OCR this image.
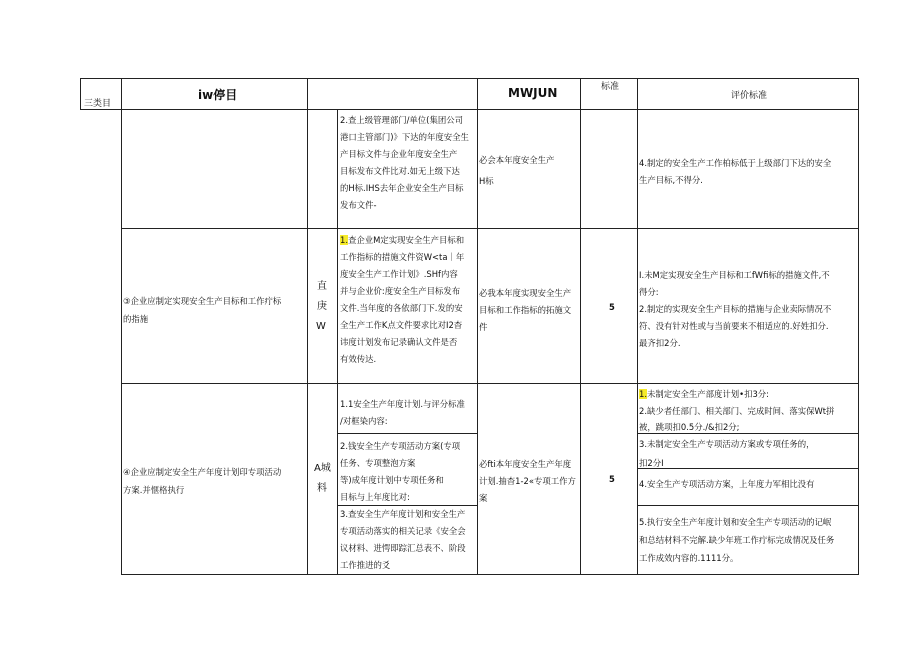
三类目
iw停目	MWJUN	标准
评价标准
2.查上级管理部门/单位(集团公司
港口主管部门)》下达的年度安全生
产目标文件与企业年度安全生产
目标发布文件比对.如无上级下达
的H标.IHS去年企业安全生产目标
发布文件-
必会本年度安全生产
H标
4.制定的安全生产工作柏标低于上级部门下达的安全
生产目标,不得分.
③企业应制定实现安全生产目标和工作疔标
的指施
直
庚
W
1.查企业M定实现安全生产目标和
工作指标的措施文件资W<ta｜年
度安全生产工作计划》.SHf内容
并与企业价:度安全生产目标发布
文件.当年度的各依部门下.发的安
全生产工作K点文件要求比对I2杳
讳度计划发布记录确认文件是否
有效传达.
必我本年度实现安全生产
目标和工作指标的拓施文
件
5
I.未M定实现安全生产目标和工fWfi标的措施文件,不
得分:
2.制定的实现安全生产目标的措施与企业卖际情况不
符、没有针对性或与当前要来不相适应的.好姓扣分.
最齐扣2分.
④企业应制定安全生产年度计划印专项活动
方案.并惬格执行
A城
料
1.1安全生产年度计划.与评分标准
/对框染内容:
2.钱安全生产专项活动方案(专项
任务、专项整泡方案
等)成年度计划中专项任务和
目标与上年度比对:
3.查安全生产年度计划和安全生产
专项活动落实的相关记录《安全会
议材料、进愕即踪汇总表不、阶段
工作推进的爻
必fti本年度安全生产年度
计划.抽杳1-2«专项工作方
案
5
1.未制定安全生产部度计划•扣3分:
2.缺少者任部门、相关部门、完成时间、落实保Wt拼
被，跳项扣0.5分./&扣2分;
3.未制定安全生产专项活动方案或专项任务的，
扣2分I
4.安全生产专项活动方案，上年度力军相比没有
5.执行安全生产年度计划和安全生产专项活动的记岷
和总结材料不完解.缺少年班工作疔标完成情况及任务
工作成效内容的.1111分。
